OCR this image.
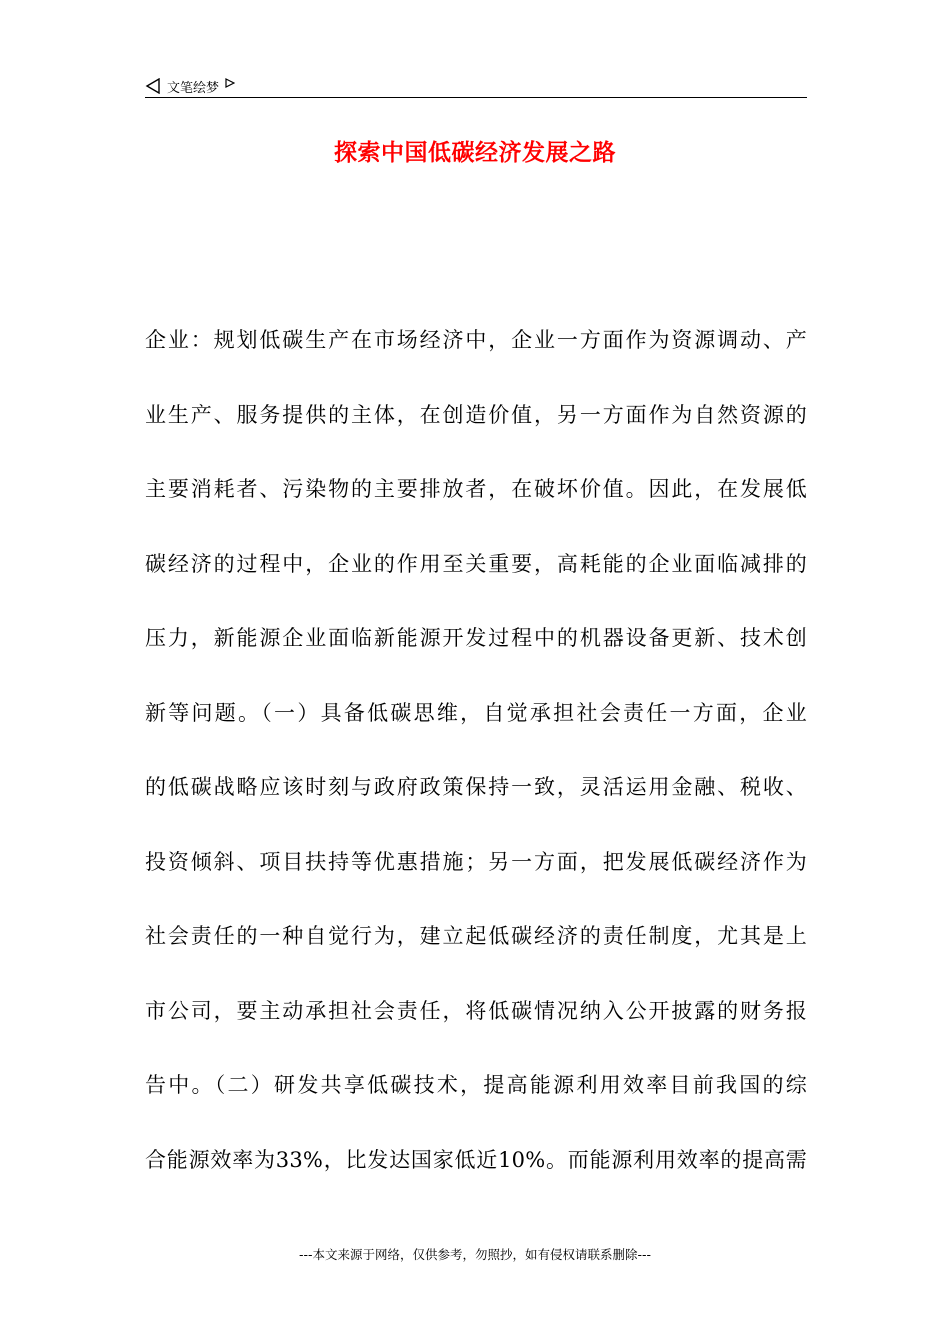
文笔绘梦
探索中国低碳经济发展之路
企业：规划低碳生产在市场经济中，企业一方面作为资源调动、产
业生产、服务提供的主体，在创造价值，另一方面作为自然资源的
主要消耗者、污染物的主要排放者，在破坏价值。因此，在发展低
碳经济的过程中，企业的作用至关重要，高耗能的企业面临减排的
压力，新能源企业面临新能源开发过程中的机器设备更新、技术创
新等问题。（一）具备低碳思维，自觉承担社会责任一方面，企业
的低碳战略应该时刻与政府政策保持一致，灵活运用金融、税收、
投资倾斜、项目扶持等优惠措施；另一方面，把发展低碳经济作为
社会责任的一种自觉行为，建立起低碳经济的责任制度，尤其是上
市公司，要主动承担社会责任，将低碳情况纳入公开披露的财务报
告中。（二）研发共享低碳技术，提高能源利用效率目前我国的综
合能源效率为33%，比发达国家低近10%。而能源利用效率的提高需
---本文来源于网络，仅供参考，勿照抄，如有侵权请联系删除---
